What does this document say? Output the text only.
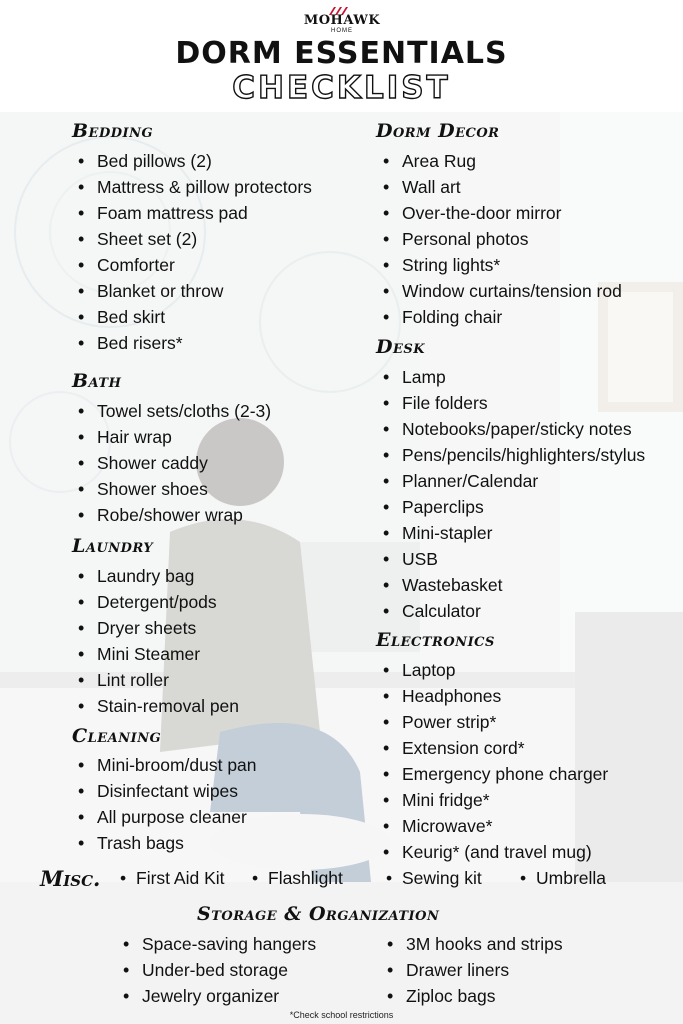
MOHAWK
HOME
DORM ESSENTIALS
CHECKLIST
Bedding
• Bed pillows (2)
• Mattress & pillow protectors
• Foam mattress pad
• Sheet set (2)
• Comforter
• Blanket or throw
• Bed skirt
• Bed risers*
Bath
• Towel sets/cloths (2-3)
• Hair wrap
• Shower caddy
• Shower shoes
• Robe/shower wrap
Laundry
• Laundry bag
• Detergent/pods
• Dryer sheets
• Mini Steamer
• Lint roller
• Stain-removal pen
Cleaning
• Mini-broom/dust pan
• Disinfectant wipes
• All purpose cleaner
• Trash bags
Dorm Decor
• Area Rug
• Wall art
• Over-the-door mirror
• Personal photos
• String lights*
• Window curtains/tension rod
• Folding chair
Desk
• Lamp
• File folders
• Notebooks/paper/sticky notes
• Pens/pencils/highlighters/stylus
• Planner/Calendar
• Paperclips
• Mini-stapler
• USB
• Wastebasket
• Calculator
Electronics
• Laptop
• Headphones
• Power strip*
• Extension cord*
• Emergency phone charger
• Mini fridge*
• Microwave*
• Keurig* (and travel mug)
Misc.	• First Aid Kit	• Flashlight	• Sewing kit	• Umbrella
Storage & Organization
• Space-saving hangers
• Under-bed storage
• Jewelry organizer
• 3M hooks and strips
• Drawer liners
• Ziploc bags
*Check school restrictions
